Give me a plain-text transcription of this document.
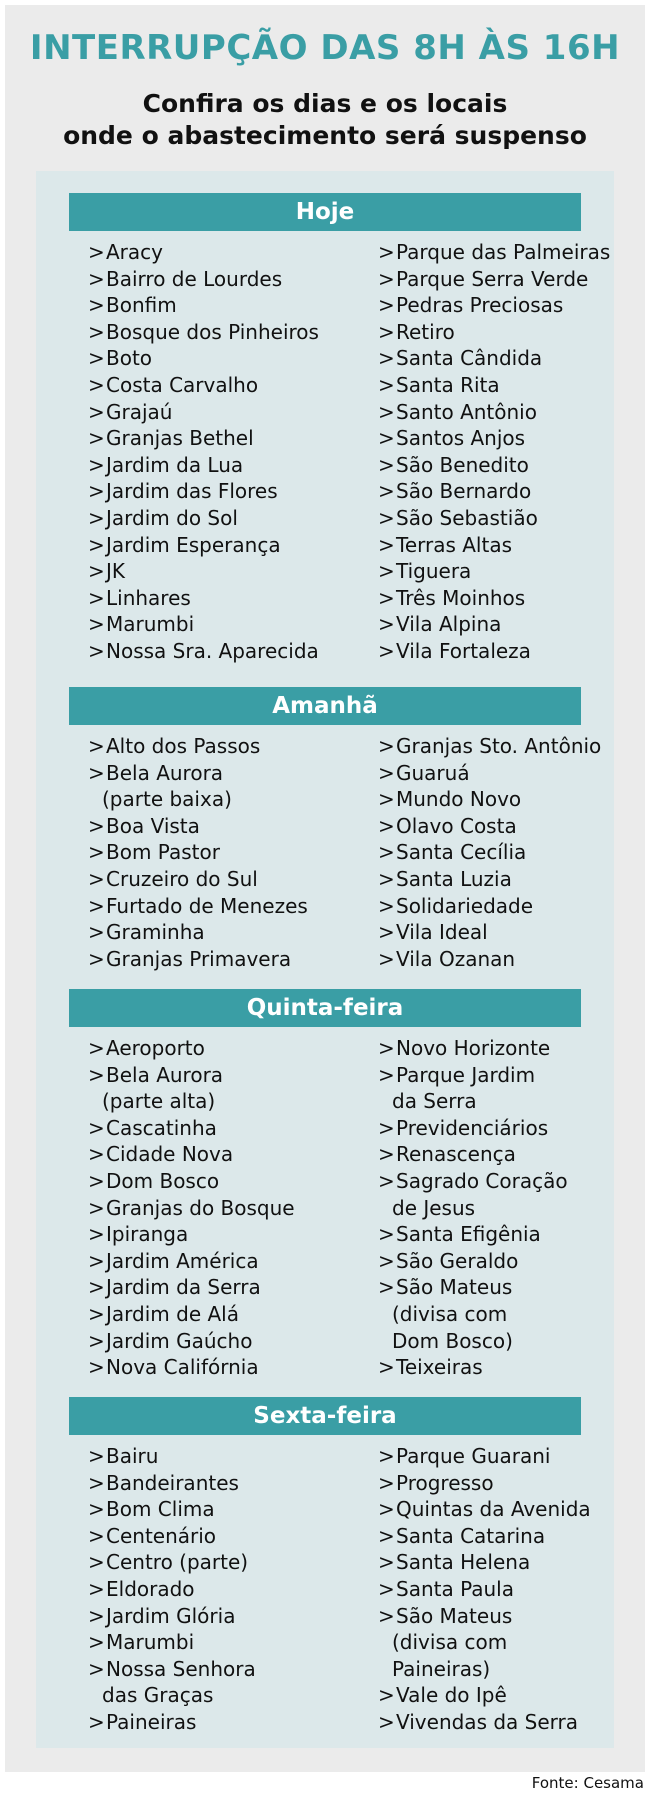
INTERRUPÇÃO DAS 8H ÀS 16H
Confira os dias e os locais
onde o abastecimento será suspenso
Hoje
>Aracy
>Bairro de Lourdes
>Bonfim
>Bosque dos Pinheiros
>Boto
>Costa Carvalho
>Grajaú
>Granjas Bethel
>Jardim da Lua
>Jardim das Flores
>Jardim do Sol
>Jardim Esperança
>JK
>Linhares
>Marumbi
>Nossa Sra. Aparecida
>Parque das Palmeiras
>Parque Serra Verde
>Pedras Preciosas
>Retiro
>Santa Cândida
>Santa Rita
>Santo Antônio
>Santos Anjos
>São Benedito
>São Bernardo
>São Sebastião
>Terras Altas
>Tiguera
>Três Moinhos
>Vila Alpina
>Vila Fortaleza
Amanhã
>Alto dos Passos
>Bela Aurora
(parte baixa)
>Boa Vista
>Bom Pastor
>Cruzeiro do Sul
>Furtado de Menezes
>Graminha
>Granjas Primavera
>Granjas Sto. Antônio
>Guaruá
>Mundo Novo
>Olavo Costa
>Santa Cecília
>Santa Luzia
>Solidariedade
>Vila Ideal
>Vila Ozanan
Quinta-feira
>Aeroporto
>Bela Aurora
(parte alta)
>Cascatinha
>Cidade Nova
>Dom Bosco
>Granjas do Bosque
>Ipiranga
>Jardim América
>Jardim da Serra
>Jardim de Alá
>Jardim Gaúcho
>Nova Califórnia
>Novo Horizonte
>Parque Jardim
da Serra
>Previdenciários
>Renascença
>Sagrado Coração
de Jesus
>Santa Efigênia
>São Geraldo
>São Mateus
(divisa com
Dom Bosco)
>Teixeiras
Sexta-feira
>Bairu
>Bandeirantes
>Bom Clima
>Centenário
>Centro (parte)
>Eldorado
>Jardim Glória
>Marumbi
>Nossa Senhora
das Graças
>Paineiras
>Parque Guarani
>Progresso
>Quintas da Avenida
>Santa Catarina
>Santa Helena
>Santa Paula
>São Mateus
(divisa com
Paineiras)
>Vale do Ipê
>Vivendas da Serra
Fonte: Cesama
